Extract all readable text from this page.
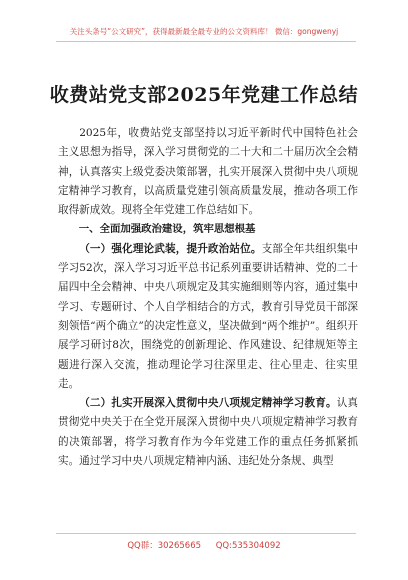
关注头条号“公文研究”，获得最新最全最专业的公文资料库！ 微信：gongwenyj
收费站党支部2025年党建工作总结

2025年，收费站党支部坚持以习近平新时代中国特色社会主义思想为指导，深入学习贯彻党的二十大和二十届历次全会精神，认真落实上级党委决策部署，扎实开展深入贯彻中央八项规定精神学习教育，以高质量党建引领高质量发展，推动各项工作取得新成效。现将全年党建工作总结如下。

一、全面加强政治建设，筑牢思想根基

（一）强化理论武装，提升政治站位。支部全年共组织集中学习52次，深入学习习近平总书记系列重要讲话精神、党的二十届四中全会精神、中央八项规定及其实施细则等内容，通过集中学习、专题研讨、个人自学相结合的方式，教育引导党员干部深刻领悟“两个确立”的决定性意义，坚决做到“两个维护”。组织开展学习研讨8次，围绕党的创新理论、作风建设、纪律规矩等主题进行深入交流，推动理论学习往深里走、往心里走、往实里走。

（二）扎实开展深入贯彻中央八项规定精神学习教育。认真贯彻党中央关于在全党开展深入贯彻中央八项规定精神学习教育的决策部署，将学习教育作为今年党建工作的重点任务抓紧抓实。通过学习中央八项规定精神内涵、违纪处分条规、典型

QQ群：30265665 QQ:535304092
